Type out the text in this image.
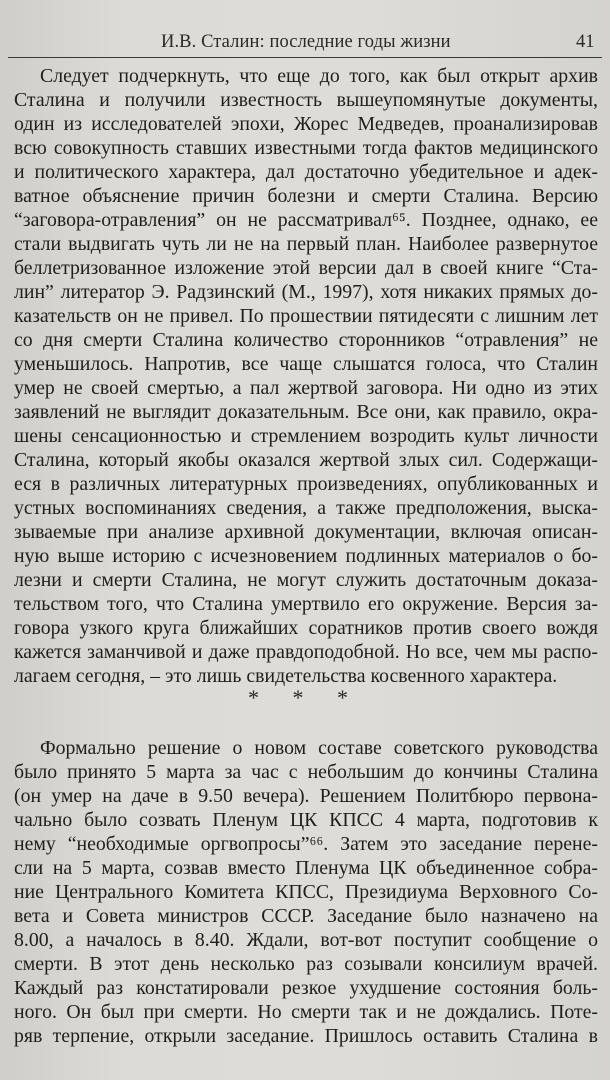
И.В. Сталин: последние годы жизни	41
Следует подчеркнуть, что еще до того, как был открыт архив
Сталина и получили известность вышеупомянутые документы,
один из исследователей эпохи, Жорес Медведев, проанализировав
всю совокупность ставших известными тогда фактов медицинского
и политического характера, дал достаточно убедительное и адек-
ватное объяснение причин болезни и смерти Сталина. Версию
“заговора-отравления” он не рассматривал⁶⁵. Позднее, однако, ее
стали выдвигать чуть ли не на первый план. Наиболее развернутое
беллетризованное изложение этой версии дал в своей книге “Ста-
лин” литератор Э. Радзинский (М., 1997), хотя никаких прямых до-
казательств он не привел. По прошествии пятидесяти с лишним лет
со дня смерти Сталина количество сторонников “отравления” не
уменьшилось. Напротив, все чаще слышатся голоса, что Сталин
умер не своей смертью, а пал жертвой заговора. Ни одно из этих
заявлений не выглядит доказательным. Все они, как правило, окра-
шены сенсационностью и стремлением возродить культ личности
Сталина, который якобы оказался жертвой злых сил. Содержащи-
еся в различных литературных произведениях, опубликованных и
устных воспоминаниях сведения, а также предположения, выска-
зываемые при анализе архивной документации, включая описан-
ную выше историю с исчезновением подлинных материалов о бо-
лезни и смерти Сталина, не могут служить достаточным доказа-
тельством того, что Сталина умертвило его окружение. Версия за-
говора узкого круга ближайших соратников против своего вождя
кажется заманчивой и даже правдоподобной. Но все, чем мы распо-
лагаем сегодня, – это лишь свидетельства косвенного характера.
* * *
Формально решение о новом составе советского руководства
было принято 5 марта за час с небольшим до кончины Сталина
(он умер на даче в 9.50 вечера). Решением Политбюро первона-
чально было созвать Пленум ЦК КПСС 4 марта, подготовив к
нему “необходимые оргвопросы”⁶⁶. Затем это заседание перене-
сли на 5 марта, созвав вместо Пленума ЦК объединенное собра-
ние Центрального Комитета КПСС, Президиума Верховного Со-
вета и Совета министров СССР. Заседание было назначено на
8.00, а началось в 8.40. Ждали, вот-вот поступит сообщение о
смерти. В этот день несколько раз созывали консилиум врачей.
Каждый раз констатировали резкое ухудшение состояния боль-
ного. Он был при смерти. Но смерти так и не дождались. Поте-
ряв терпение, открыли заседание. Пришлось оставить Сталина в
